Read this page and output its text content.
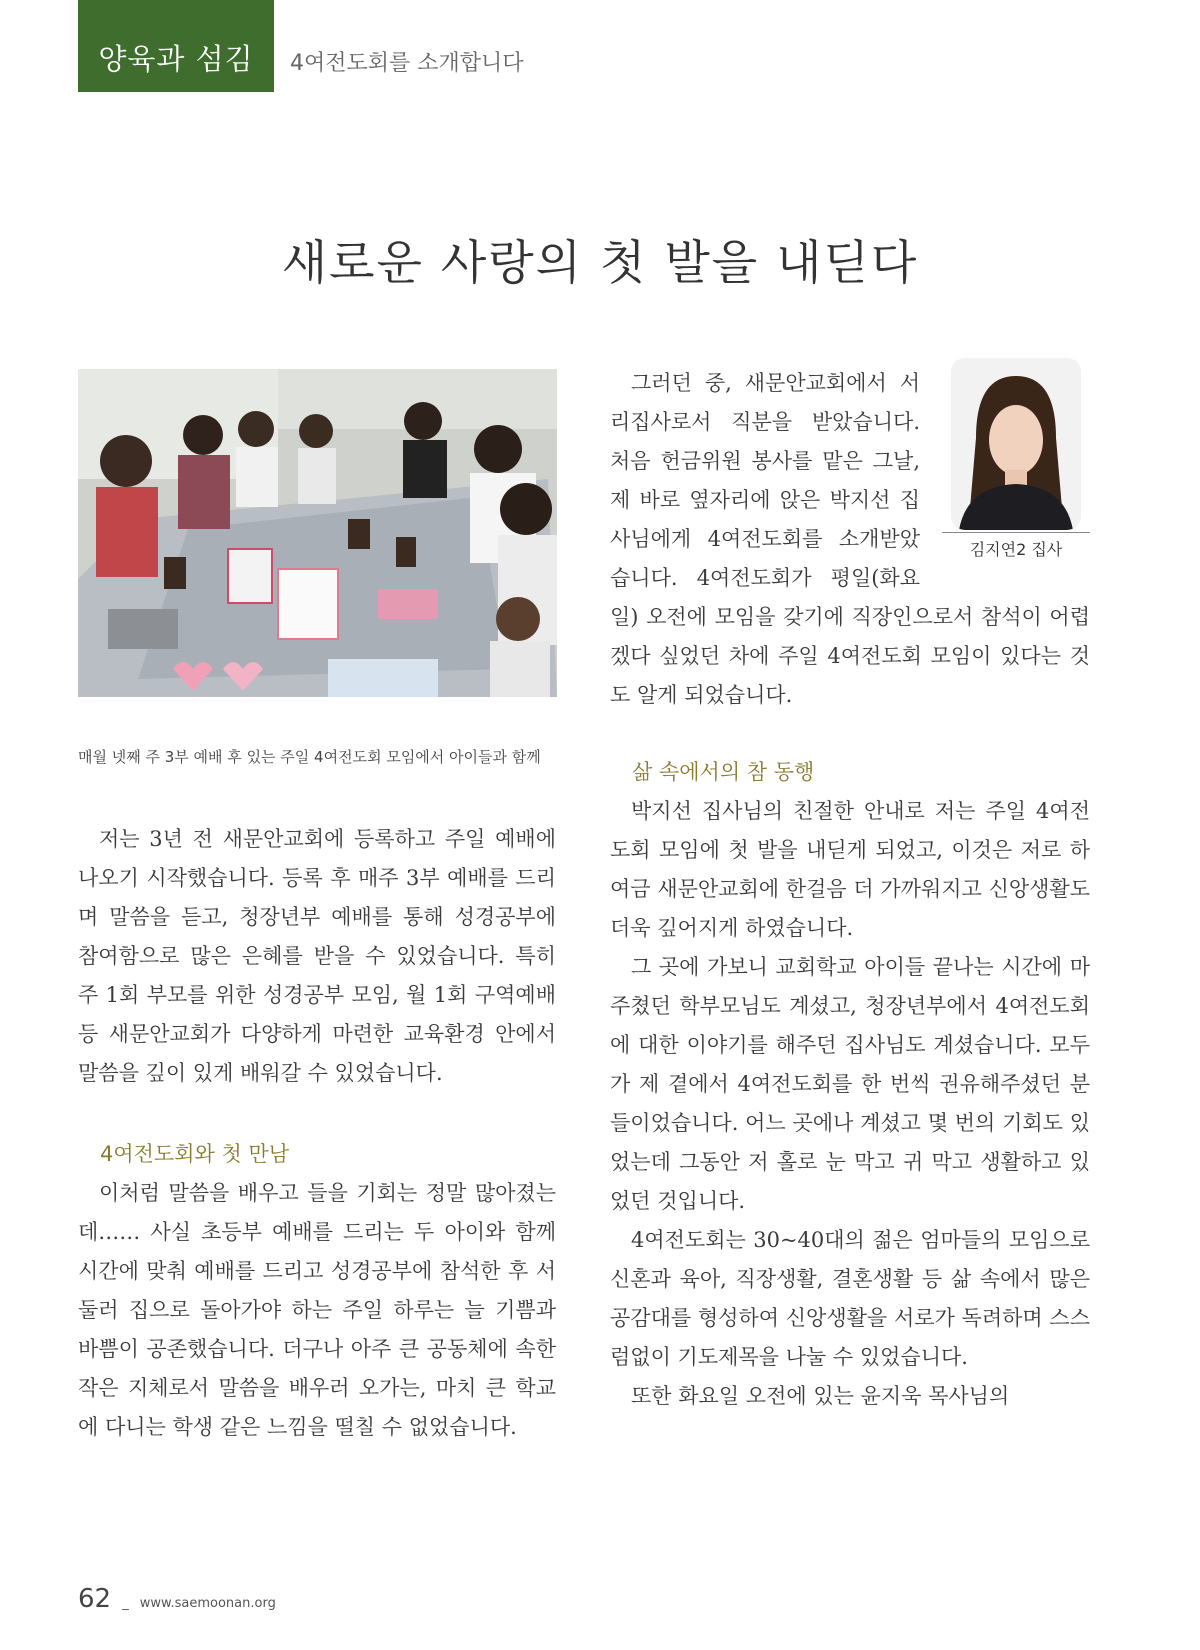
양육과 섬김 4여전도회를 소개합니다
새로운 사랑의 첫 발을 내딛다
매월 넷째 주 3부 예배 후 있는 주일 4여전도회 모임에서 아이들과 함께

저는 3년 전 새문안교회에 등록하고 주일 예배에 나오기 시작했습니다. 등록 후 매주 3부 예배를 드리며 말씀을 듣고, 청장년부 예배를 통해 성경공부에 참여함으로 많은 은혜를 받을 수 있었습니다. 특히 주 1회 부모를 위한 성경공부 모임, 월 1회 구역예배 등 새문안교회가 다양하게 마련한 교육환경 안에서 말씀을 깊이 있게 배워갈 수 있었습니다.

4여전도회와 첫 만남

이처럼 말씀을 배우고 들을 기회는 정말 많아졌는데…… 사실 초등부 예배를 드리는 두 아이와 함께 시간에 맞춰 예배를 드리고 성경공부에 참석한 후 서둘러 집으로 돌아가야 하는 주일 하루는 늘 기쁨과 바쁨이 공존했습니다. 더구나 아주 큰 공동체에 속한 작은 지체로서 말씀을 배우러 오가는, 마치 큰 학교에 다니는 학생 같은 느낌을 떨칠 수 없었습니다.

김지연2 집사

그러던 중, 새문안교회에서 서리집사로서 직분을 받았습니다. 처음 헌금위원 봉사를 맡은 그날, 제 바로 옆자리에 앉은 박지선 집사님에게 4여전도회를 소개받았습니다. 4여전도회가 평일(화요일) 오전에 모임을 갖기에 직장인으로서 참석이 어렵겠다 싶었던 차에 주일 4여전도회 모임이 있다는 것도 알게 되었습니다.

삶 속에서의 참 동행

박지선 집사님의 친절한 안내로 저는 주일 4여전도회 모임에 첫 발을 내딛게 되었고, 이것은 저로 하여금 새문안교회에 한걸음 더 가까워지고 신앙생활도 더욱 깊어지게 하였습니다.

그 곳에 가보니 교회학교 아이들 끝나는 시간에 마주쳤던 학부모님도 계셨고, 청장년부에서 4여전도회에 대한 이야기를 해주던 집사님도 계셨습니다. 모두가 제 곁에서 4여전도회를 한 번씩 권유해주셨던 분들이었습니다. 어느 곳에나 계셨고 몇 번의 기회도 있었는데 그동안 저 홀로 눈 막고 귀 막고 생활하고 있었던 것입니다.

4여전도회는 30~40대의 젊은 엄마들의 모임으로 신혼과 육아, 직장생활, 결혼생활 등 삶 속에서 많은 공감대를 형성하여 신앙생활을 서로가 독려하며 스스럼없이 기도제목을 나눌 수 있었습니다.

또한 화요일 오전에 있는 윤지욱 목사님의

62 _ www.saemoonan.org
